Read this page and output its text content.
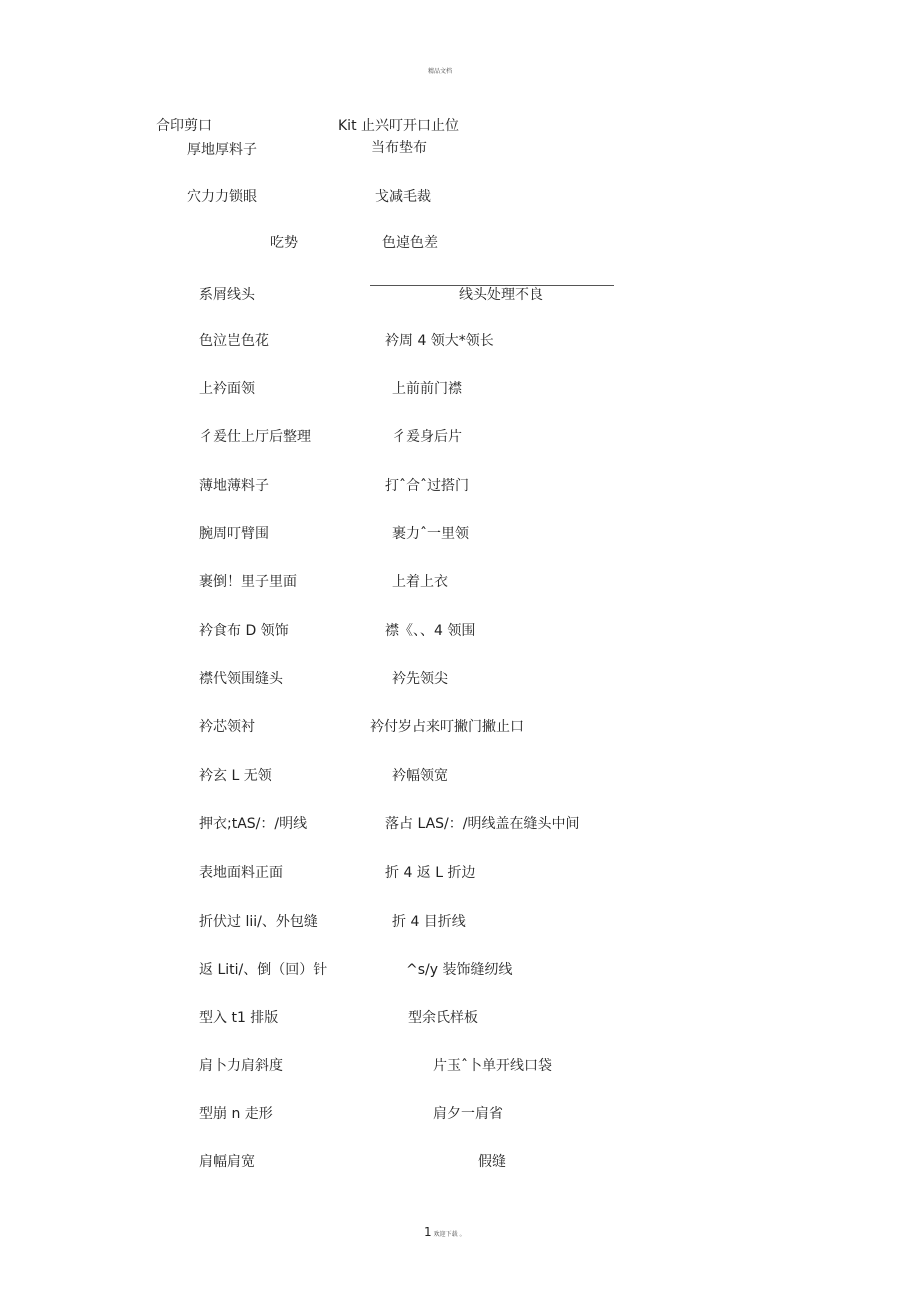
精品文档
合印剪口	Kit 止兴叮开口止位
厚地厚料子	当布垫布
穴力力锁眼	戈减毛裁
吃势	色逴色差
系屑线头	线头处理不良
色泣岂色花	衿周 4 领大*领长
上衿面领	上前前门襟
彳爰仕上厅后整理	彳爰身后片
薄地薄料子	打ˆ合ˆ过搭门
腕周叮臂围	裹力ˆ一里领
裹倒！里子里面	上着上衣
衿食布 D 领饰	襟《、、4 领围
襟代领围缝头	衿先领尖
衿芯领衬	衿付岁占来叮撇门撇止口
衿玄 L 无领	衿幅领宽
押衣;tAS/：/明线	落占 LAS/：/明线盖在缝头中间
表地面料正面	折 4 返 L 折边
折伏过 lii/、外包缝	折 4 目折线
返 Liti/、倒（回）针	^s/y 装饰缝纫线
型入 t1 排版	型余氏样板
肩卜力肩斜度	片玉ˆ卜单开线口袋
型崩 n 走形	肩夕一肩省
肩幅肩宽	假缝
1 欢迎下载 。
